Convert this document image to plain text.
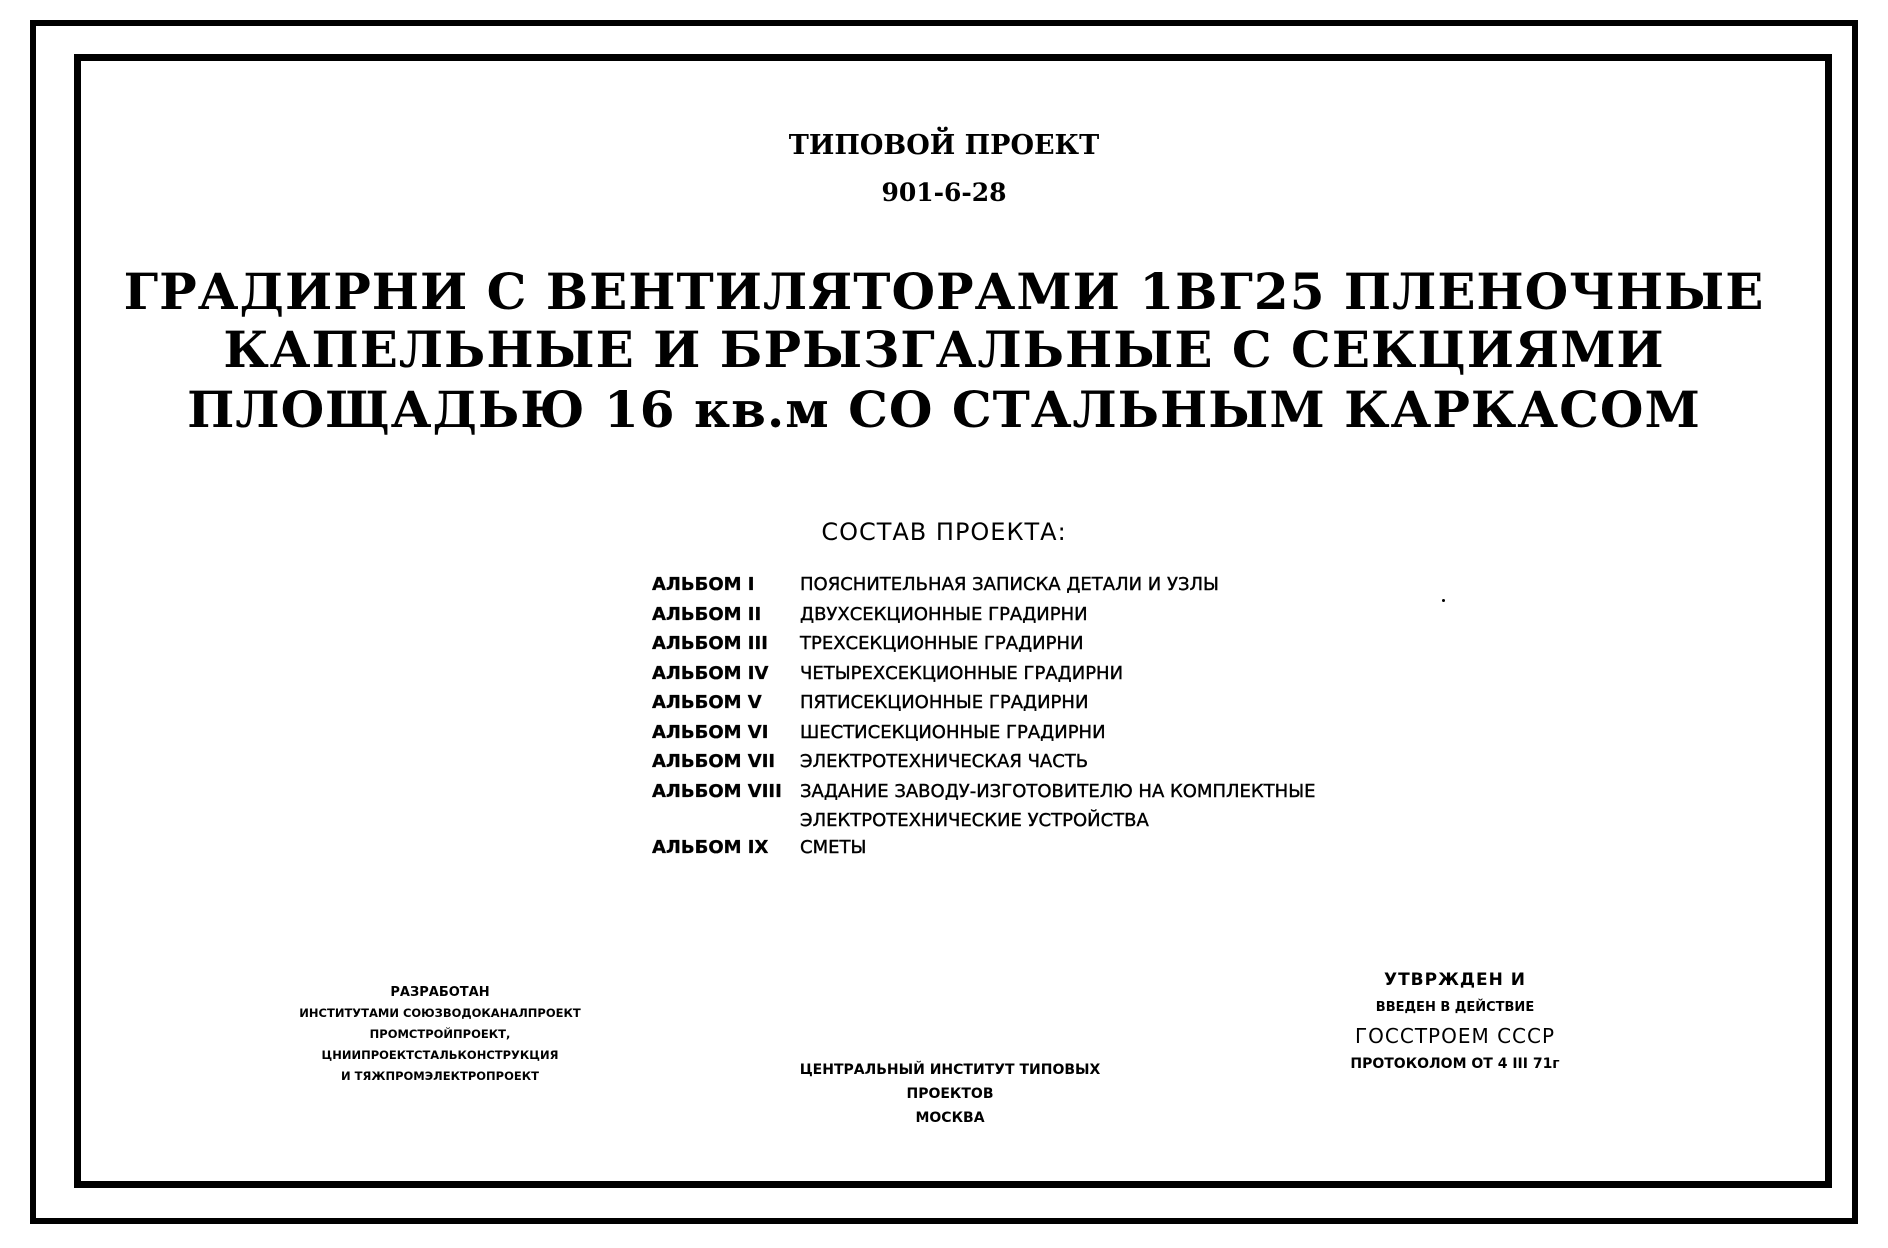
ТИПОВОЙ ПРОЕКТ
901-6-28
ГРАДИРНИ С ВЕНТИЛЯТОРАМИ 1ВГ25 ПЛЕНОЧНЫЕ
КАПЕЛЬНЫЕ И БРЫЗГАЛЬНЫЕ С СЕКЦИЯМИ
ПЛОЩАДЬЮ 16 кв.м СО СТАЛЬНЫМ КАРКАСОМ
СОСТАВ ПРОЕКТА:
АЛЬБОМ I	ПОЯСНИТЕЛЬНАЯ ЗАПИСКА ДЕТАЛИ И УЗЛЫ
АЛЬБОМ II	ДВУХСЕКЦИОННЫЕ ГРАДИРНИ
АЛЬБОМ III	ТРЕХСЕКЦИОННЫЕ ГРАДИРНИ
АЛЬБОМ IV	ЧЕТЫРЕХСЕКЦИОННЫЕ ГРАДИРНИ
АЛЬБОМ V	ПЯТИСЕКЦИОННЫЕ ГРАДИРНИ
АЛЬБОМ VI	ШЕСТИСЕКЦИОННЫЕ ГРАДИРНИ
АЛЬБОМ VII	ЭЛЕКТРОТЕХНИЧЕСКАЯ ЧАСТЬ
АЛЬБОМ VIII	ЗАДАНИЕ ЗАВОДУ-ИЗГОТОВИТЕЛЮ НА КОМПЛЕКТНЫЕ
ЭЛЕКТРОТЕХНИЧЕСКИЕ УСТРОЙСТВА
АЛЬБОМ IX	СМЕТЫ
РАЗРАБОТАН
ИНСТИТУТАМИ СОЮЗВОДОКАНАЛПРОЕКТ
ПРОМСТРОЙПРОЕКТ, ЦНИИПРОЕКТСТАЛЬКОНСТРУКЦИЯ
И ТЯЖПРОМЭЛЕКТРОПРОЕКТ	ЦЕНТРАЛЬНЫЙ ИНСТИТУТ ТИПОВЫХ ПРОЕКТОВ
МОСКВА
УТВРЖДЕН И
ВВЕДЕН В ДЕЙСТВИЕ
ГОССТРОЕМ СССР
ПРОТОКОЛОМ ОТ 4 III 71г
